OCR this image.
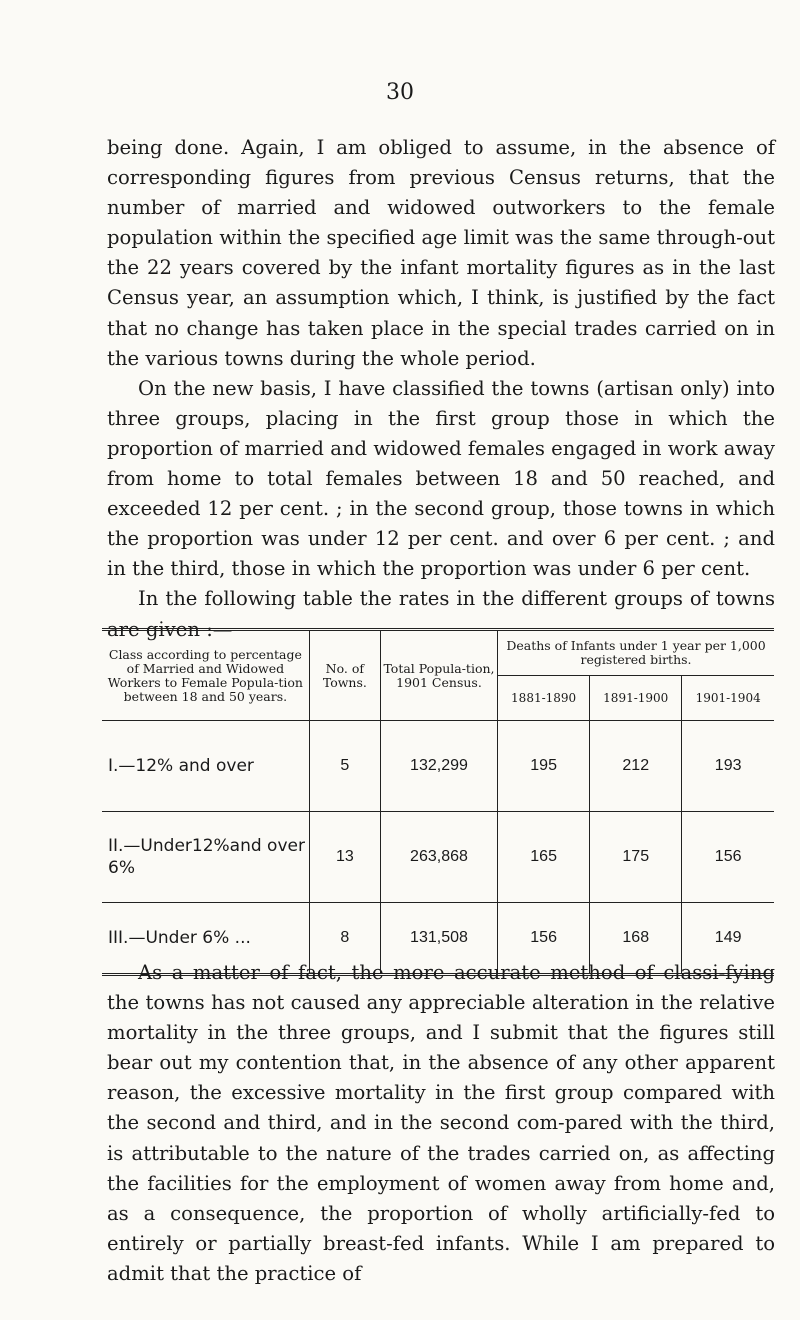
30

being done. Again, I am obliged to assume, in the absence of corresponding figures from previous Census returns, that the number of married and widowed outworkers to the female population within the specified age limit was the same through-out the 22 years covered by the infant mortality figures as in the last Census year, an assumption which, I think, is justified by the fact that no change has taken place in the special trades carried on in the various towns during the whole period.

On the new basis, I have classified the towns (artisan only) into three groups, placing in the first group those in which the proportion of married and widowed females engaged in work away from home to total females between 18 and 50 reached, and exceeded 12 per cent. ; in the second group, those towns in which the proportion was under 12 per cent. and over 6 per cent. ; and in the third, those in which the proportion was under 6 per cent.

In the following table the rates in the different groups of towns are given :—

Class according to percentage of Married and Widowed Workers to Female Popula-tion between 18 and 50 years.	No. of Towns.	Total Popula-tion, 1901 Census.	Deaths of Infants under 1 year per 1,000 registered births.		
			1881-1890	1891-1900	1901-1904
I.—12% and over	5	132,299	195	212	193
II.—Under12%and over 6%	13	263,868	165	175	156
III.—Under 6% ...	8	131,508	156	168	149

As a matter of fact, the more accurate method of classi-fying the towns has not caused any appreciable alteration in the relative mortality in the three groups, and I submit that the figures still bear out my contention that, in the absence of any other apparent reason, the excessive mortality in the first group compared with the second and third, and in the second com-pared with the third, is attributable to the nature of the trades carried on, as affecting the facilities for the employment of women away from home and, as a consequence, the proportion of wholly artificially-fed to entirely or partially breast-fed infants. While I am prepared to admit that the practice of
